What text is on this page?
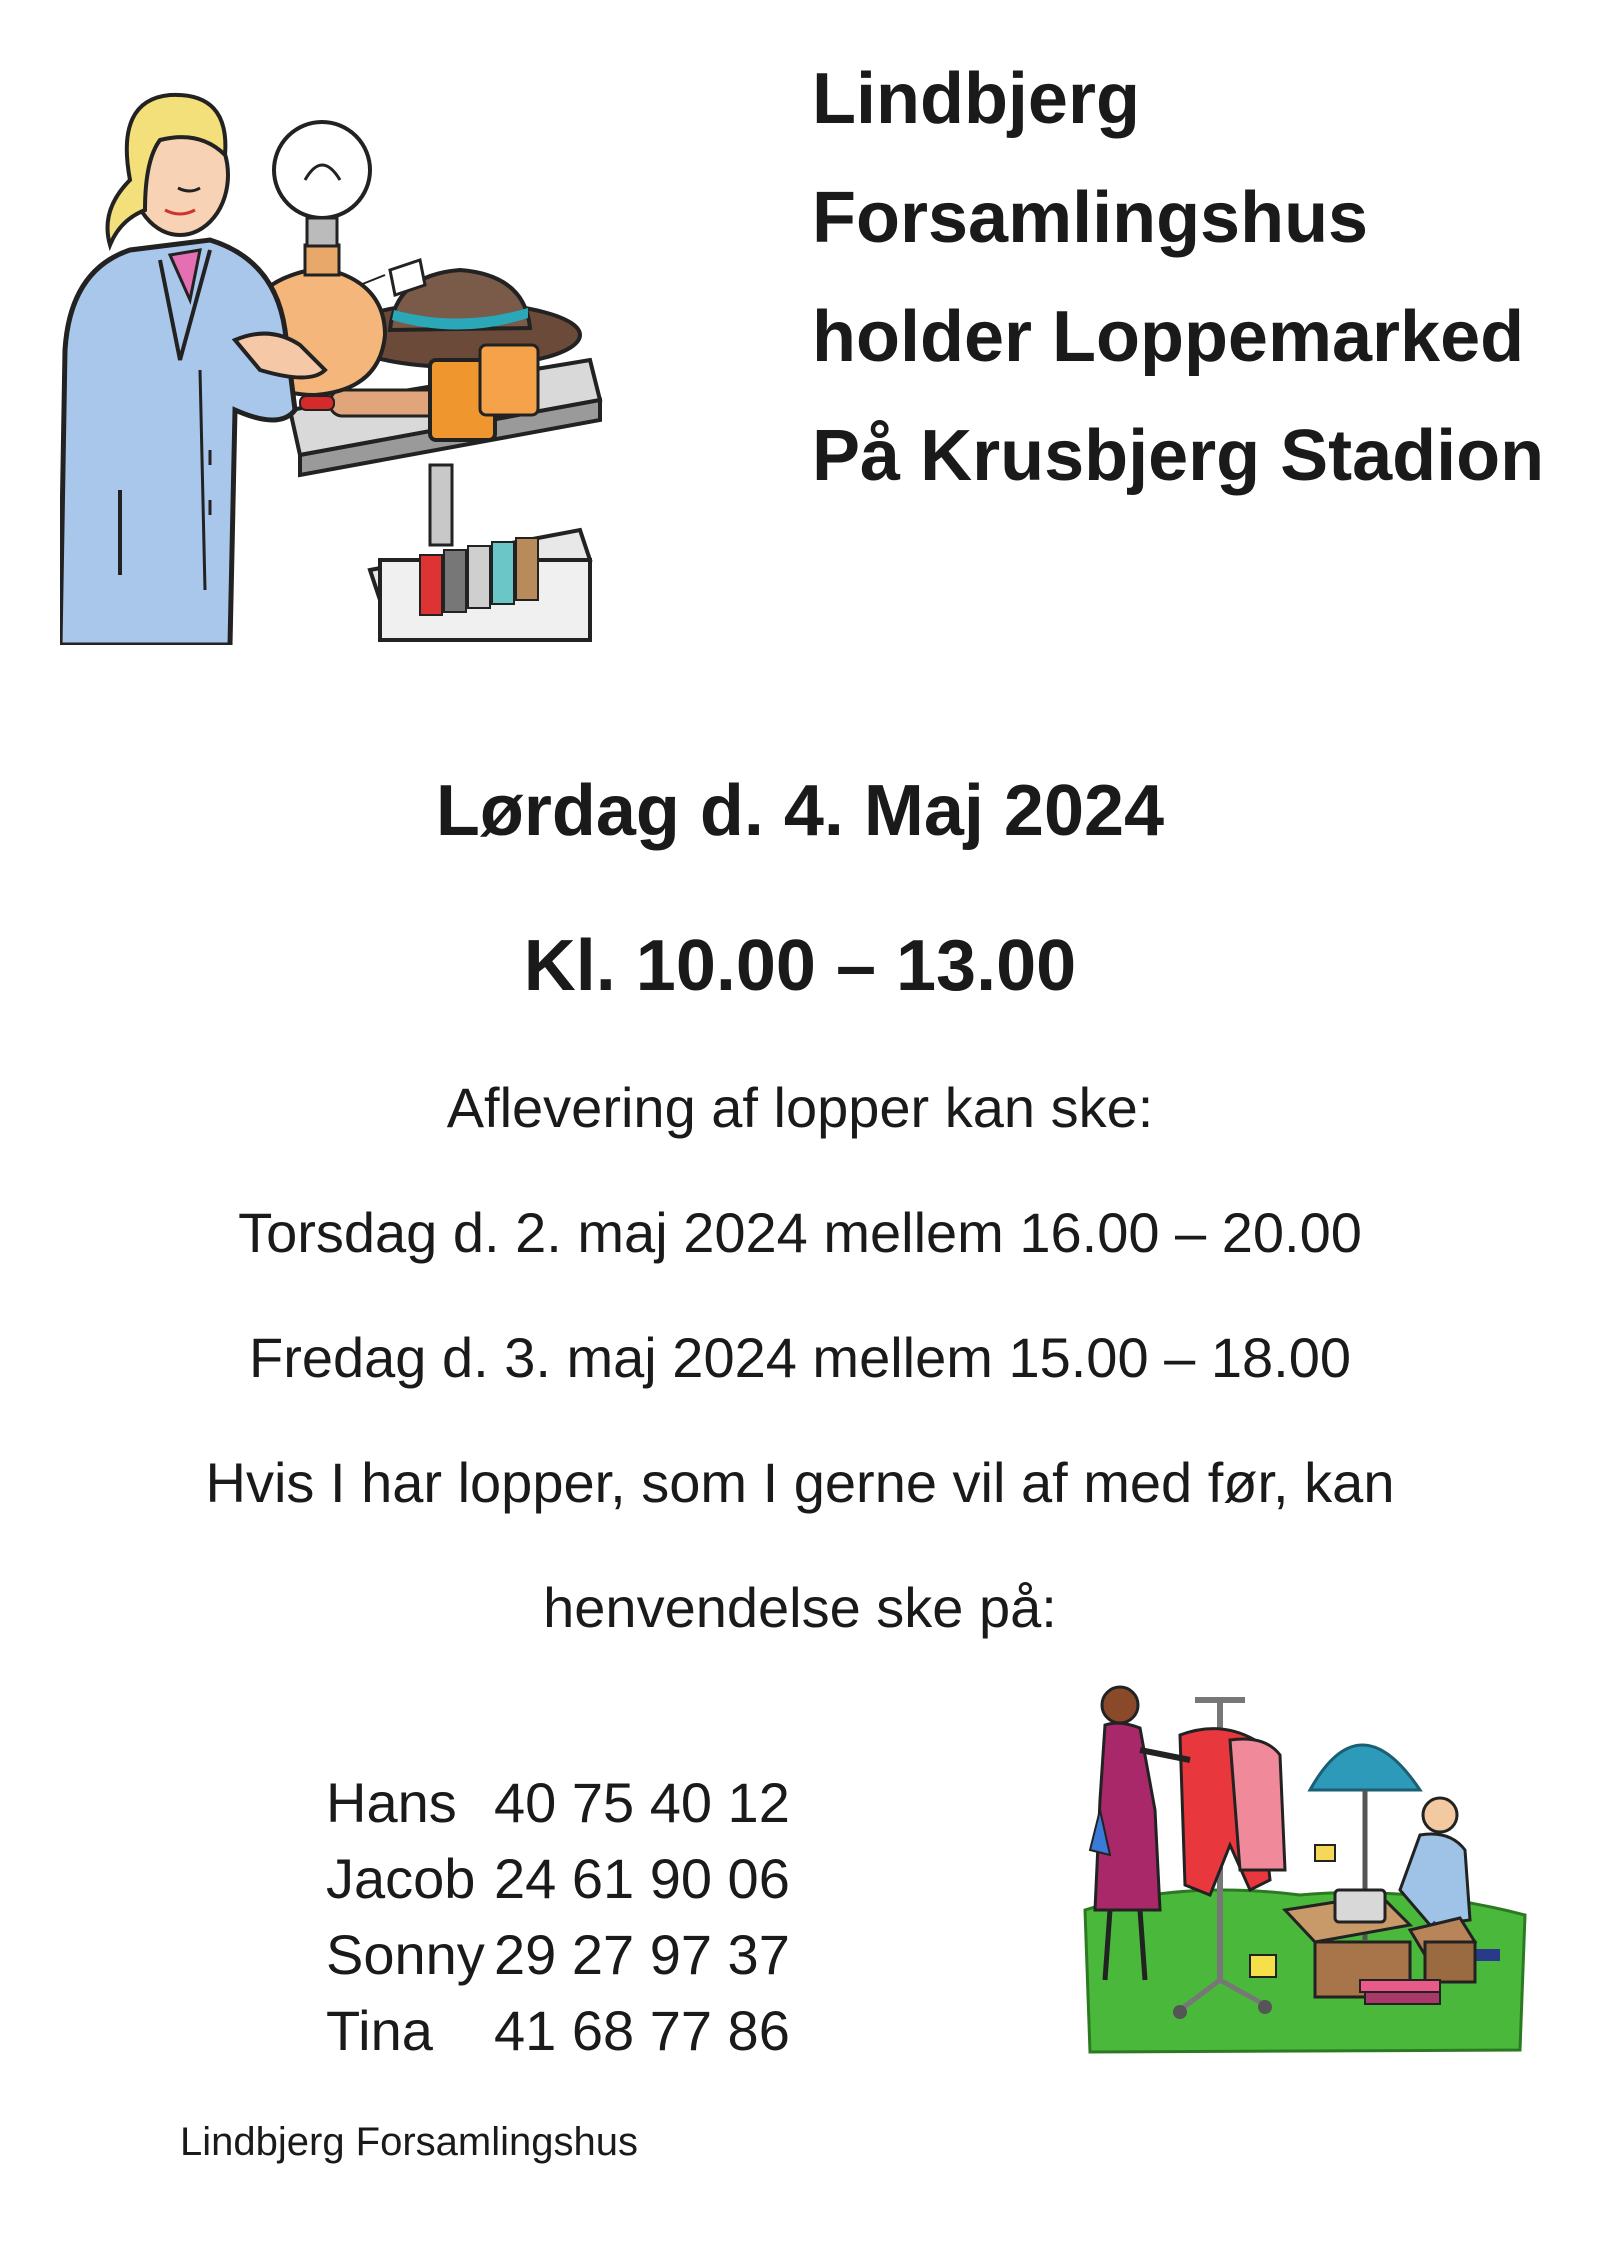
Lindbjerg
Forsamlingshus
holder Loppemarked
På Krusbjerg Stadion
Lørdag d. 4. Maj 2024
Kl. 10.00 – 13.00
Aflevering af lopper kan ske:
Torsdag d. 2. maj 2024 mellem 16.00 – 20.00
Fredag d. 3. maj 2024 mellem 15.00 – 18.00
Hvis I har lopper, som I gerne vil af med før, kan
henvendelse ske på:
Hans 40 75 40 12
Jacob 24 61 90 06
Sonny 29 27 97 37
Tina 41 68 77 86
Lindbjerg Forsamlingshus
